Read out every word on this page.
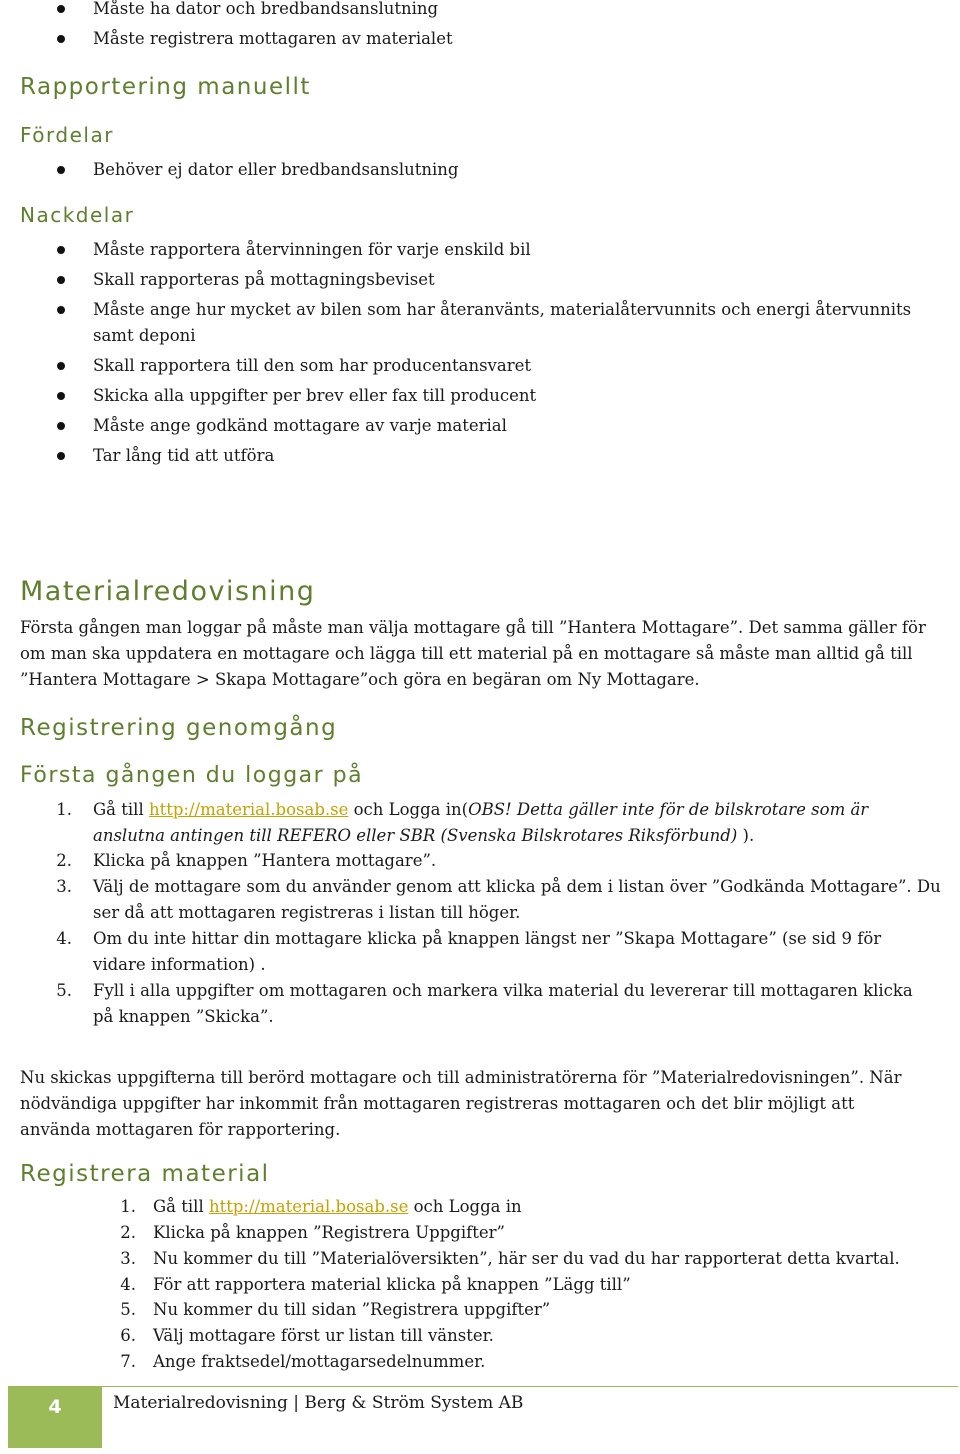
Måste ha dator och bredbandsanslutning
Måste registrera mottagaren av materialet
Rapportering manuellt
Fördelar
Behöver ej dator eller bredbandsanslutning
Nackdelar
Måste rapportera återvinningen för varje enskild bil
Skall rapporteras på mottagningsbeviset
Måste ange hur mycket av bilen som har återanvänts, materialåtervunnits och energi återvunnits samt deponi
Skall rapportera till den som har producentansvaret
Skicka alla uppgifter per brev eller fax till producent
Måste ange godkänd mottagare av varje material
Tar lång tid att utföra
Materialredovisning
Första gången man loggar på måste man välja mottagare gå till ”Hantera Mottagare”. Det samma gäller för om man ska uppdatera en mottagare och lägga till ett material på en mottagare så måste man alltid gå till ”Hantera Mottagare > Skapa Mottagare”och göra en begäran om Ny Mottagare.
Registrering genomgång
Första gången du loggar på
1. Gå till http://material.bosab.se och Logga in(OBS! Detta gäller inte för de bilskrotare som är anslutna antingen till REFERO eller SBR (Svenska Bilskrotares Riksförbund) ).
2. Klicka på knappen ”Hantera mottagare”.
3. Välj de mottagare som du använder genom att klicka på dem i listan över ”Godkända Mottagare”. Du ser då att mottagaren registreras i listan till höger.
4. Om du inte hittar din mottagare klicka på knappen längst ner ”Skapa Mottagare” (se sid 9 för vidare information) .
5. Fyll i alla uppgifter om mottagaren och markera vilka material du levererar till mottagaren klicka på knappen ”Skicka”.
Nu skickas uppgifterna till berörd mottagare och till administratörerna för ”Materialredovisningen”. När nödvändiga uppgifter har inkommit från mottagaren registreras mottagaren och det blir möjligt att använda mottagaren för rapportering.
Registrera material
1. Gå till http://material.bosab.se och Logga in
2. Klicka på knappen ”Registrera Uppgifter”
3. Nu kommer du till ”Materialöversikten”, här ser du vad du har rapporterat detta kvartal.
4. För att rapportera material klicka på knappen ”Lägg till”
5. Nu kommer du till sidan ”Registrera uppgifter”
6. Välj mottagare först ur listan till vänster.
7. Ange fraktsedel/mottagarsedelnummer.
4	Materialredovisning | Berg & Ström System AB
